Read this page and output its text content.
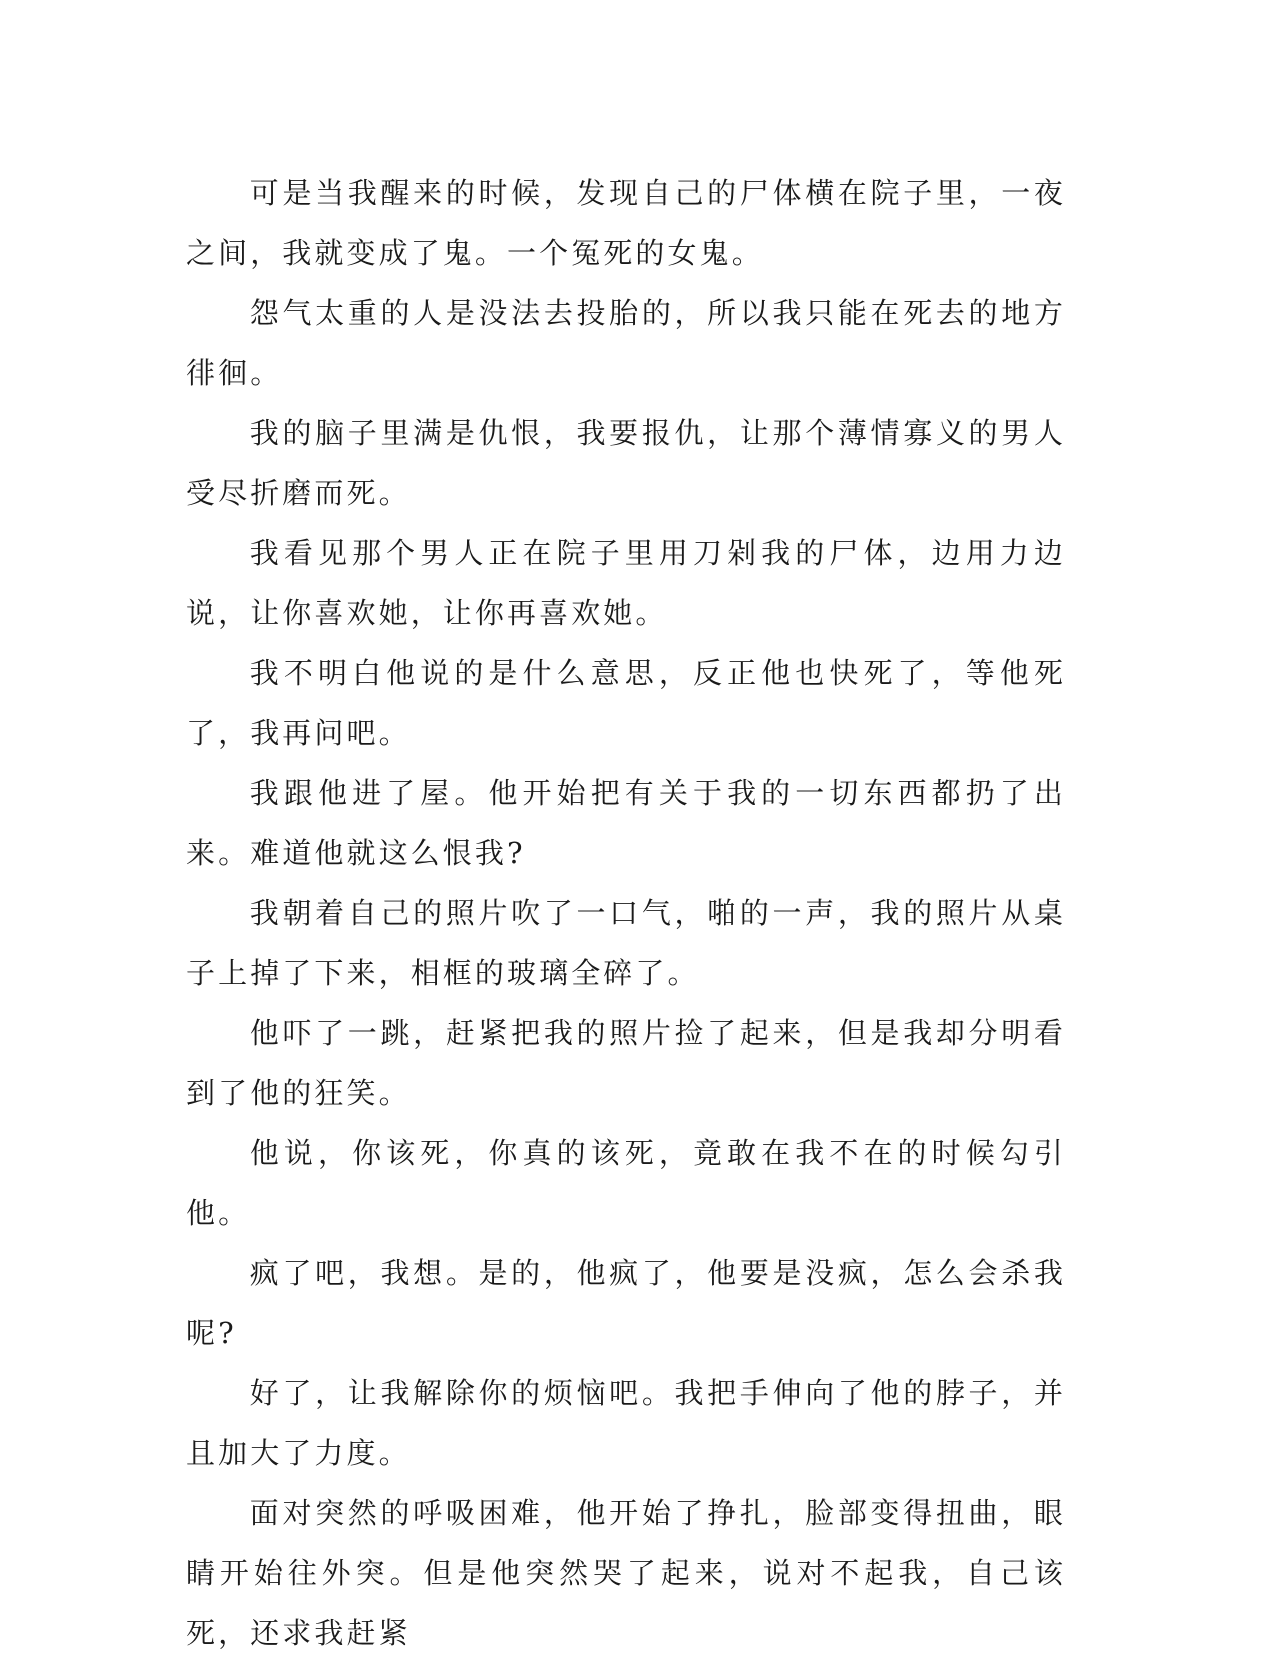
可是当我醒来的时候，发现自己的尸体横在院子里，一夜之间，我就变成了鬼。一个冤死的女鬼。

怨气太重的人是没法去投胎的，所以我只能在死去的地方徘徊。

我的脑子里满是仇恨，我要报仇，让那个薄情寡义的男人受尽折磨而死。

我看见那个男人正在院子里用刀剁我的尸体，边用力边说，让你喜欢她，让你再喜欢她。

我不明白他说的是什么意思，反正他也快死了，等他死了，我再问吧。

我跟他进了屋。他开始把有关于我的一切东西都扔了出来。难道他就这么恨我?

我朝着自己的照片吹了一口气，啪的一声，我的照片从桌子上掉了下来，相框的玻璃全碎了。

他吓了一跳，赶紧把我的照片捡了起来，但是我却分明看到了他的狂笑。

他说，你该死，你真的该死，竟敢在我不在的时候勾引他。

疯了吧，我想。是的，他疯了，他要是没疯，怎么会杀我呢?

好了，让我解除你的烦恼吧。我把手伸向了他的脖子，并且加大了力度。

面对突然的呼吸困难，他开始了挣扎，脸部变得扭曲，眼睛开始往外突。但是他突然哭了起来，说对不起我，自己该死，还求我赶紧
